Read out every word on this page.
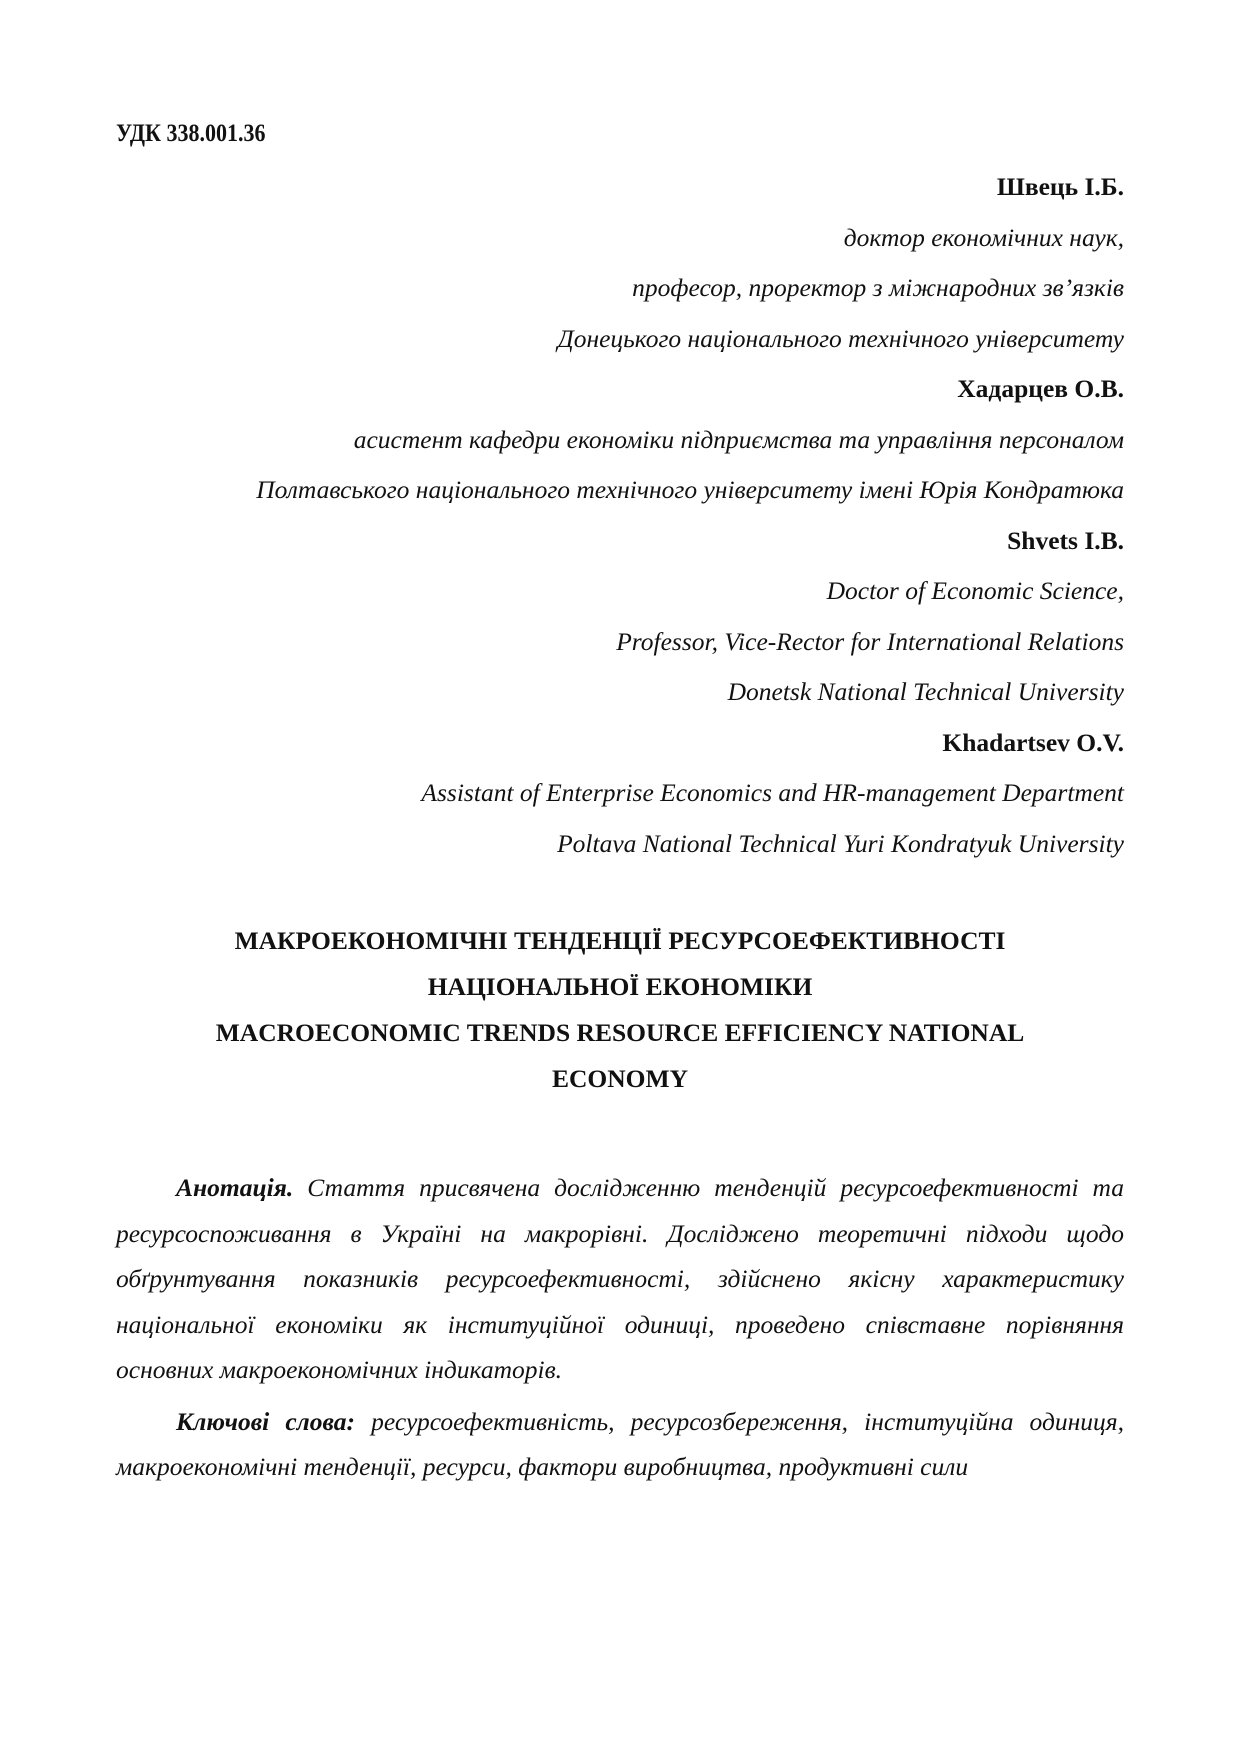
УДК 338.001.36
Швець І.Б.
доктор економічних наук,
професор, проректор з міжнародних зв’язків
Донецького національного технічного університету
Хадарцев О.В.
асистент кафедри економіки підприємства та управління персоналом
Полтавського національного технічного університету імені Юрія Кондратюка
Shvets I.B.
Doctor of Economic Science,
Professor, Vice-Rector for International Relations
Donetsk National Technical University
Khadartsev O.V.
Assistant of Enterprise Economics and HR-management Department
Poltava National Technical Yuri Kondratyuk University
МАКРОЕКОНОМІЧНІ ТЕНДЕНЦІЇ РЕСУРСОЕФЕКТИВНОСТІ
НАЦІОНАЛЬНОЇ ЕКОНОМІКИ
MACROECONOMIC TRENDS RESOURCE EFFICIENCY NATIONAL
ECONOMY

Анотація. Стаття присвячена дослідженню тенденцій ресурсоефективності та ресурсоспоживання в Україні на макрорівні. Досліджено теоретичні підходи щодо обґрунтування показників ресурсоефективності, здійснено якісну характеристику національної економіки як інституційної одиниці, проведено співставне порівняння основних макроекономічних індикаторів.

Ключові слова: ресурсоефективність, ресурсозбереження, інституційна одиниця, макроекономічні тенденції, ресурси, фактори виробництва, продуктивні сили
